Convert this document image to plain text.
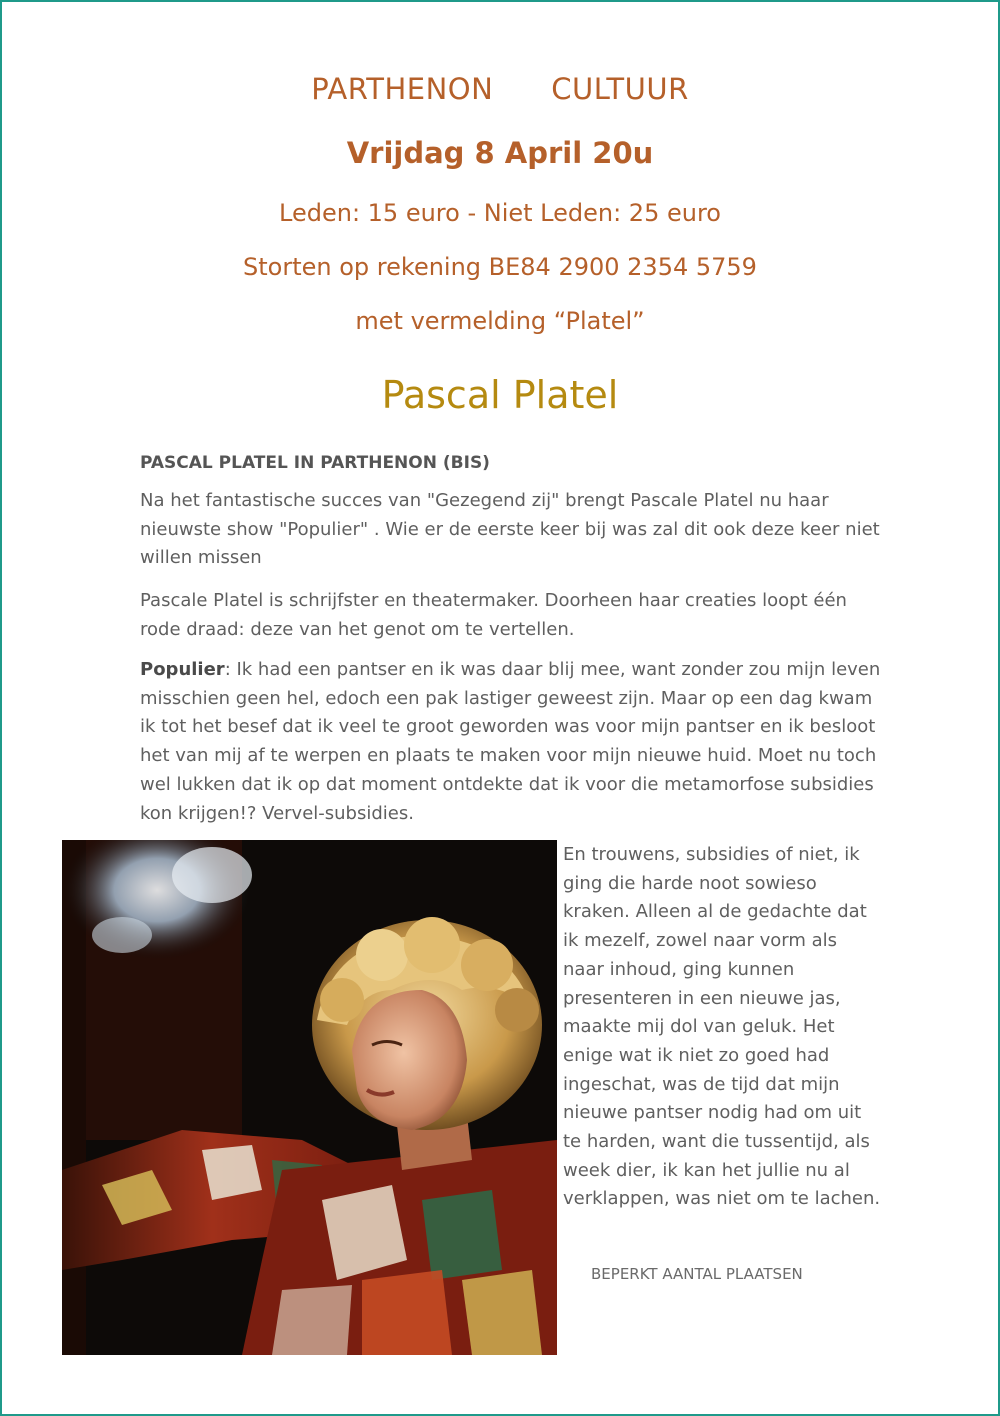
PARTHENON CULTUUR
Vrijdag 8 April 20u
Leden: 15 euro - Niet Leden: 25 euro
Storten op rekening BE84 2900 2354 5759
met vermelding “Platel”
Pascal Platel
PASCAL PLATEL IN PARTHENON (BIS)
Na het fantastische succes van "Gezegend zij" brengt Pascale Platel nu haar nieuwste show "Populier" . Wie er de eerste keer bij was zal dit ook deze keer niet willen missen
Pascale Platel is schrijfster en theatermaker. Doorheen haar creaties loopt één rode draad: deze van het genot om te vertellen.
Populier: Ik had een pantser en ik was daar blij mee, want zonder zou mijn leven misschien geen hel, edoch een pak lastiger geweest zijn. Maar op een dag kwam ik tot het besef dat ik veel te groot geworden was voor mijn pantser en ik besloot het van mij af te werpen en plaats te maken voor mijn nieuwe huid. Moet nu toch wel lukken dat ik op dat moment ontdekte dat ik voor die metamorfose subsidies kon krijgen!? Vervel-subsidies.
En trouwens, subsidies of niet, ik ging die harde noot sowieso kraken. Alleen al de gedachte dat ik mezelf, zowel naar vorm als naar inhoud, ging kunnen presenteren in een nieuwe jas, maakte mij dol van geluk. Het enige wat ik niet zo goed had ingeschat, was de tijd dat mijn nieuwe pantser nodig had om uit te harden, want die tussentijd, als week dier, ik kan het jullie nu al verklappen, was niet om te lachen.
BEPERKT AANTAL PLAATSEN
